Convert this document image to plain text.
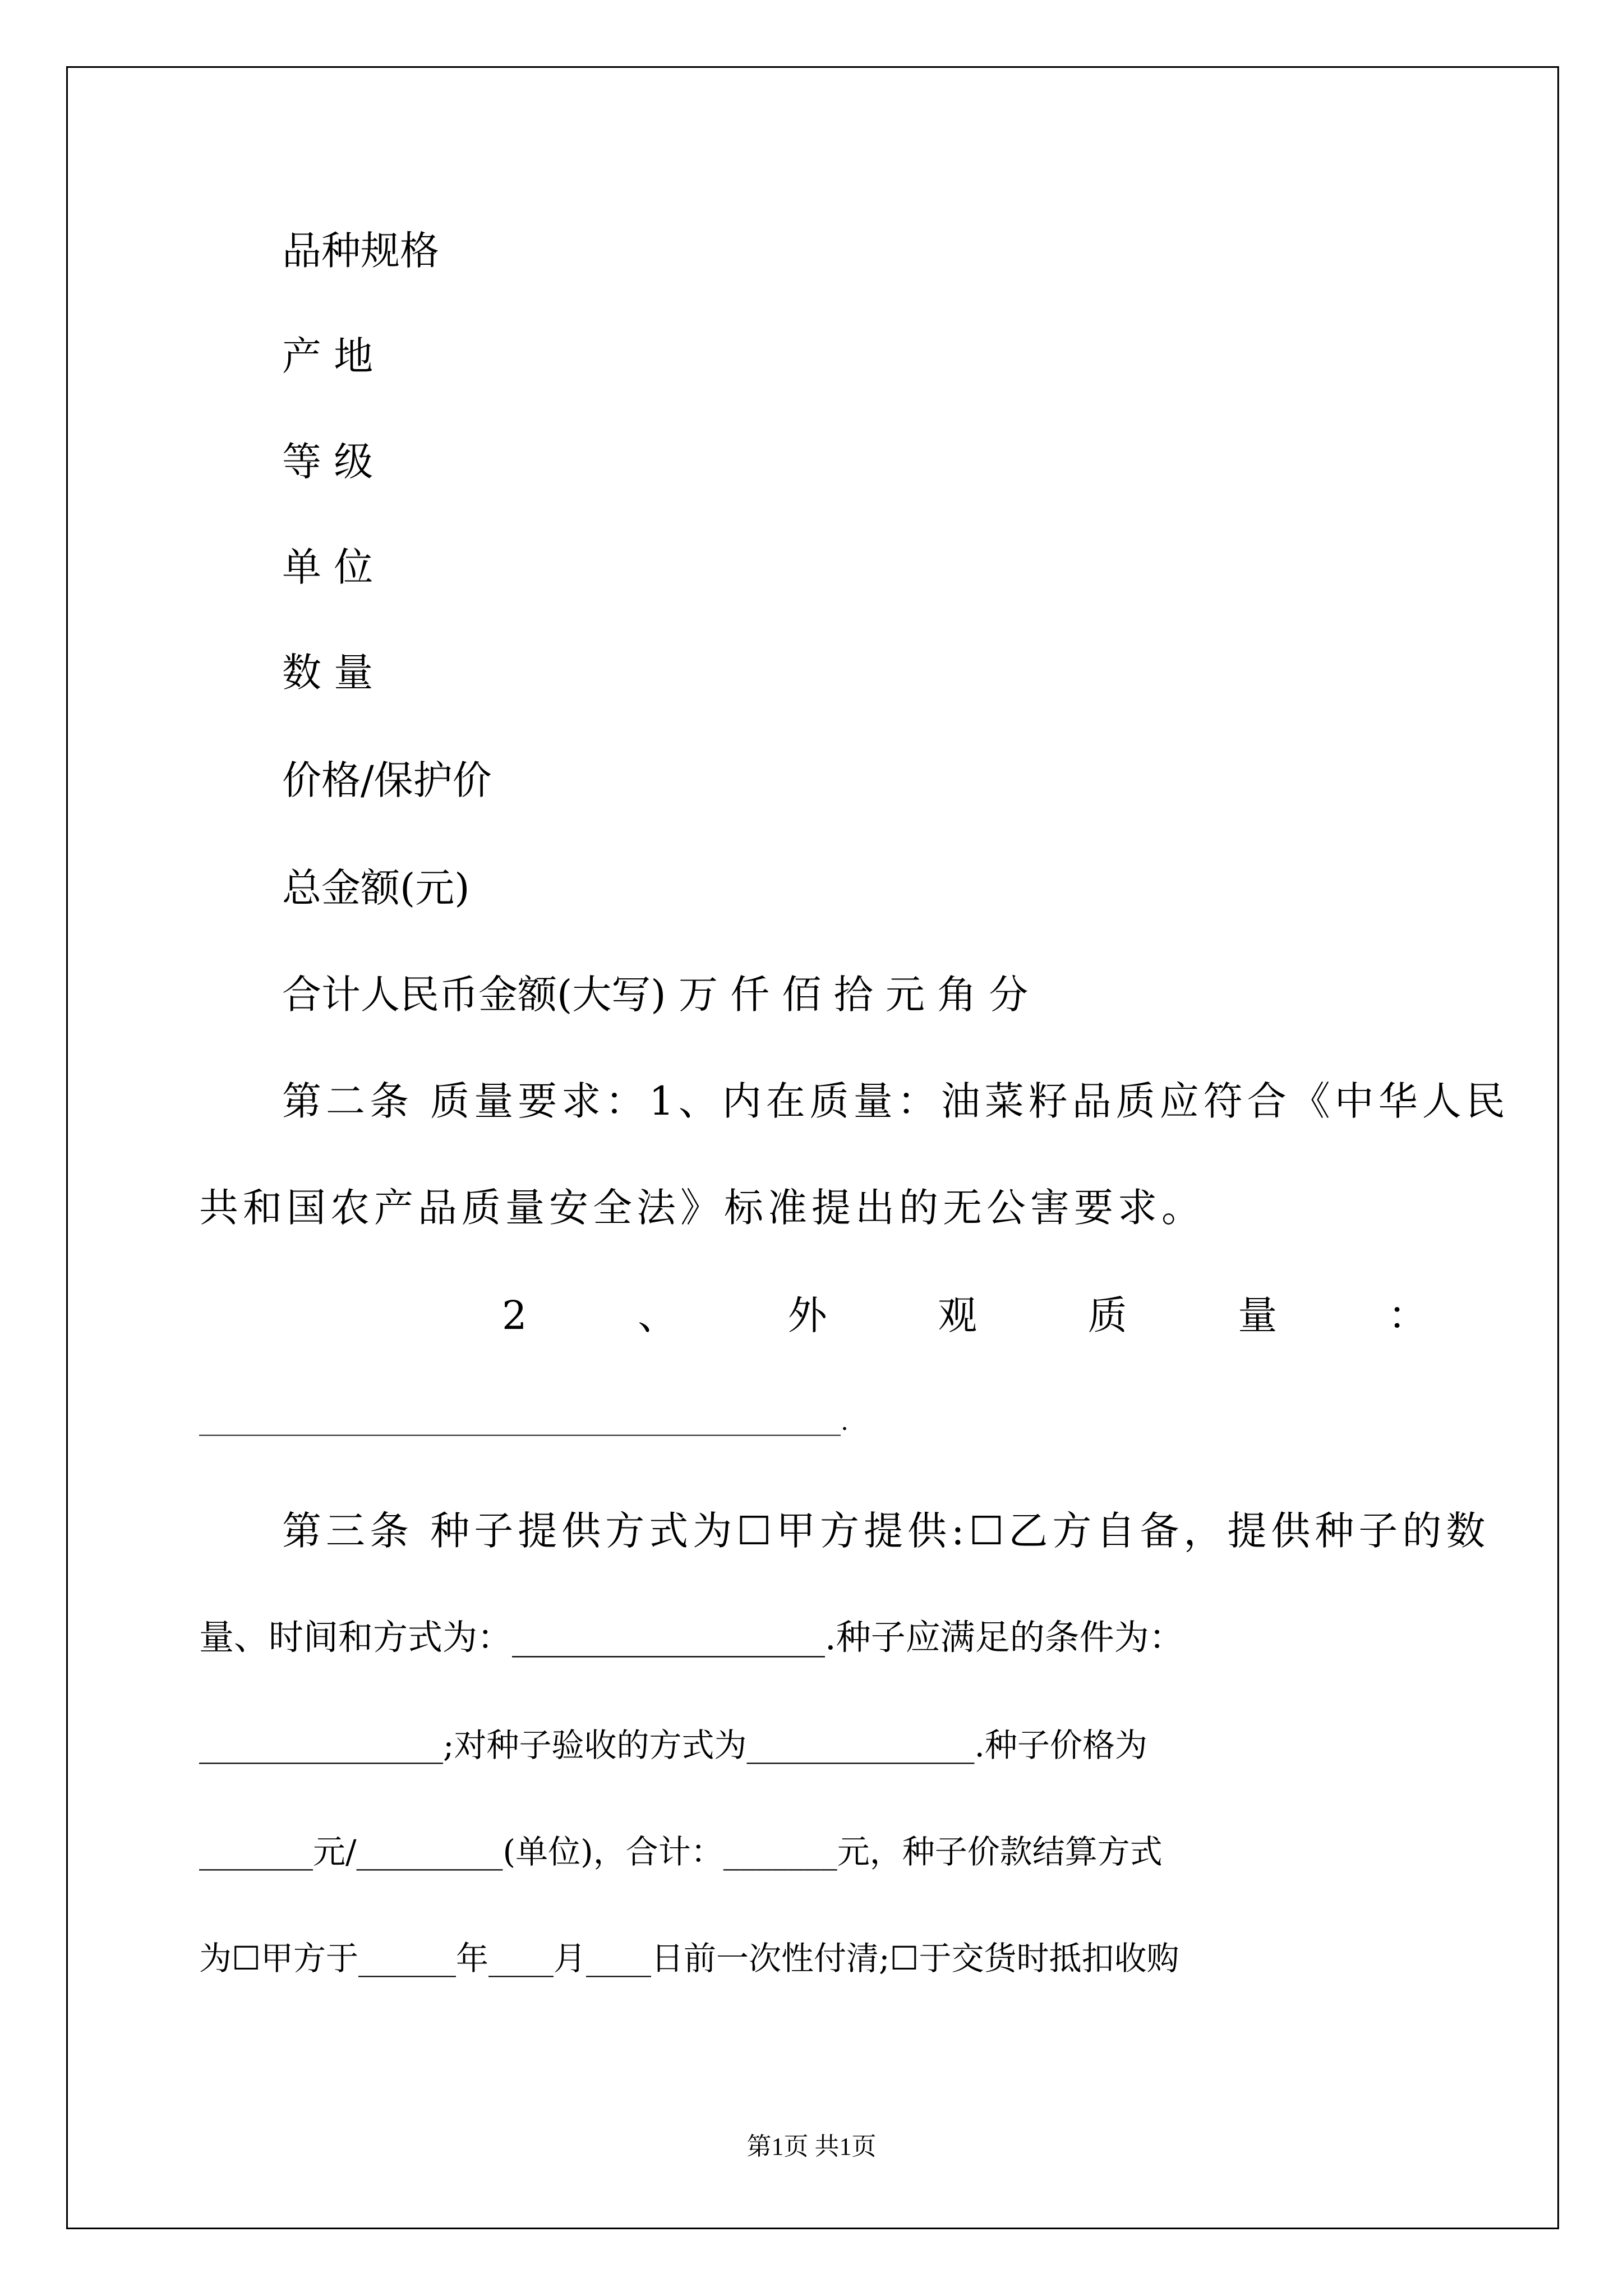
品种规格
产 地
等 级
单 位
数 量
价格/保护价
总金额(元)
合计人民币金额(大写) 万 仟 佰 拾 元 角 分
第二条 质量要求：1、内在质量：油菜籽品质应符合《中华人民
共和国农产品质量安全法》标准提出的无公害要求。
2	、	外	观	质	量	：
____________________________________________________.
第三条 种子提供方式为☐甲方提供:☐乙方自备，提供种子的数
量、时间和方式为：__________________.种子应满足的条件为：
_______________;对种子验收的方式为______________.种子价格为
_______元/_________(单位)，合计：_______元，种子价款结算方式
为☐甲方于______年____月____日前一次性付清;☐于交货时抵扣收购
第1页 共1页
